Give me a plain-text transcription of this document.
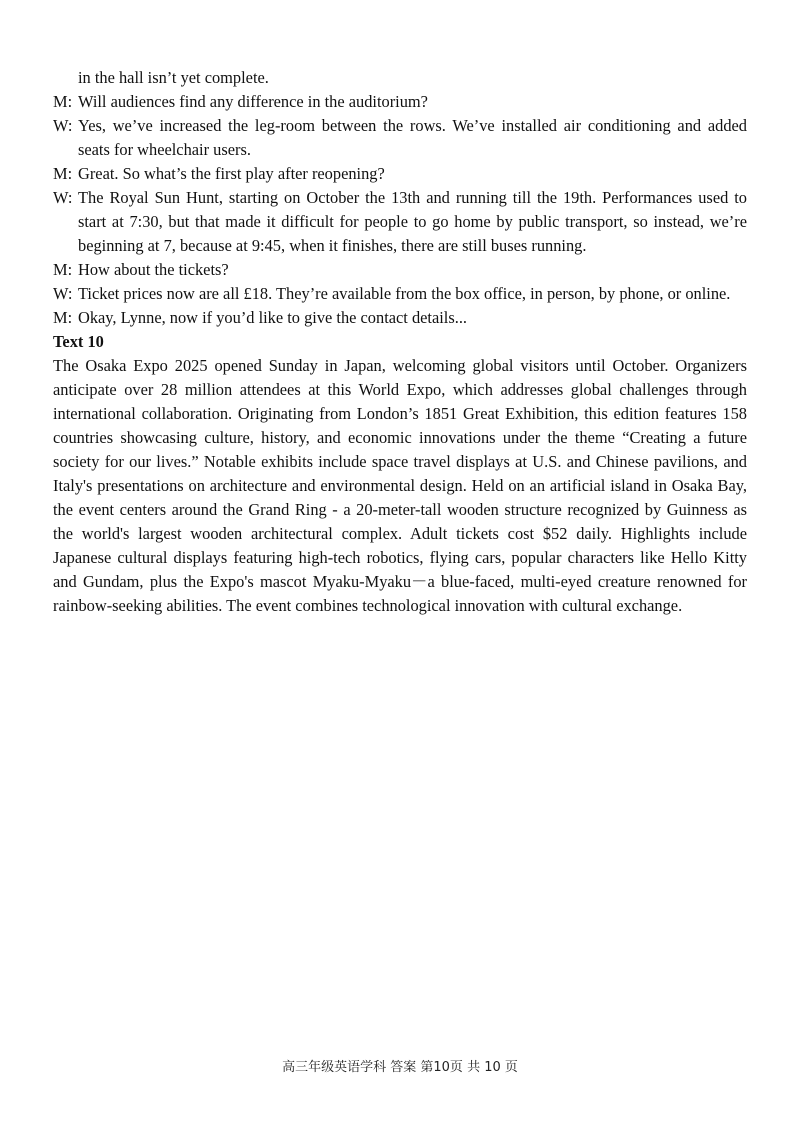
in the hall isn’t yet complete.

M: Will audiences find any difference in the auditorium?
W: Yes, we’ve increased the leg-room between the rows. We’ve installed air conditioning and added seats for wheelchair users.
M: Great. So what’s the first play after reopening?
W: The Royal Sun Hunt, starting on October the 13th and running till the 19th. Performances used to start at 7:30, but that made it difficult for people to go home by public transport, so instead, we’re beginning at 7, because at 9:45, when it finishes, there are still buses running.
M: How about the tickets?
W: Ticket prices now are all £18. They’re available from the box office, in person, by phone, or online.
M: Okay, Lynne, now if you’d like to give the contact details...

Text 10

The Osaka Expo 2025 opened Sunday in Japan, welcoming global visitors until October. Organizers anticipate over 28 million attendees at this World Expo, which addresses global challenges through international collaboration. Originating from London’s 1851 Great Exhibition, this edition features 158 countries showcasing culture, history, and economic innovations under the theme “Creating a future society for our lives.” Notable exhibits include space travel displays at U.S. and Chinese pavilions, and Italy's presentations on architecture and environmental design. Held on an artificial island in Osaka Bay, the event centers around the Grand Ring - a 20-meter-tall wooden structure recognized by Guinness as the world's largest wooden architectural complex. Adult tickets cost $52 daily. Highlights include Japanese cultural displays featuring high-tech robotics, flying cars, popular characters like Hello Kitty and Gundam, plus the Expo's mascot Myaku-Myaku－a blue-faced, multi-eyed creature renowned for rainbow-seeking abilities. The event combines technological innovation with cultural exchange.

高三年级英语学科 答案 第10页 共 10 页
